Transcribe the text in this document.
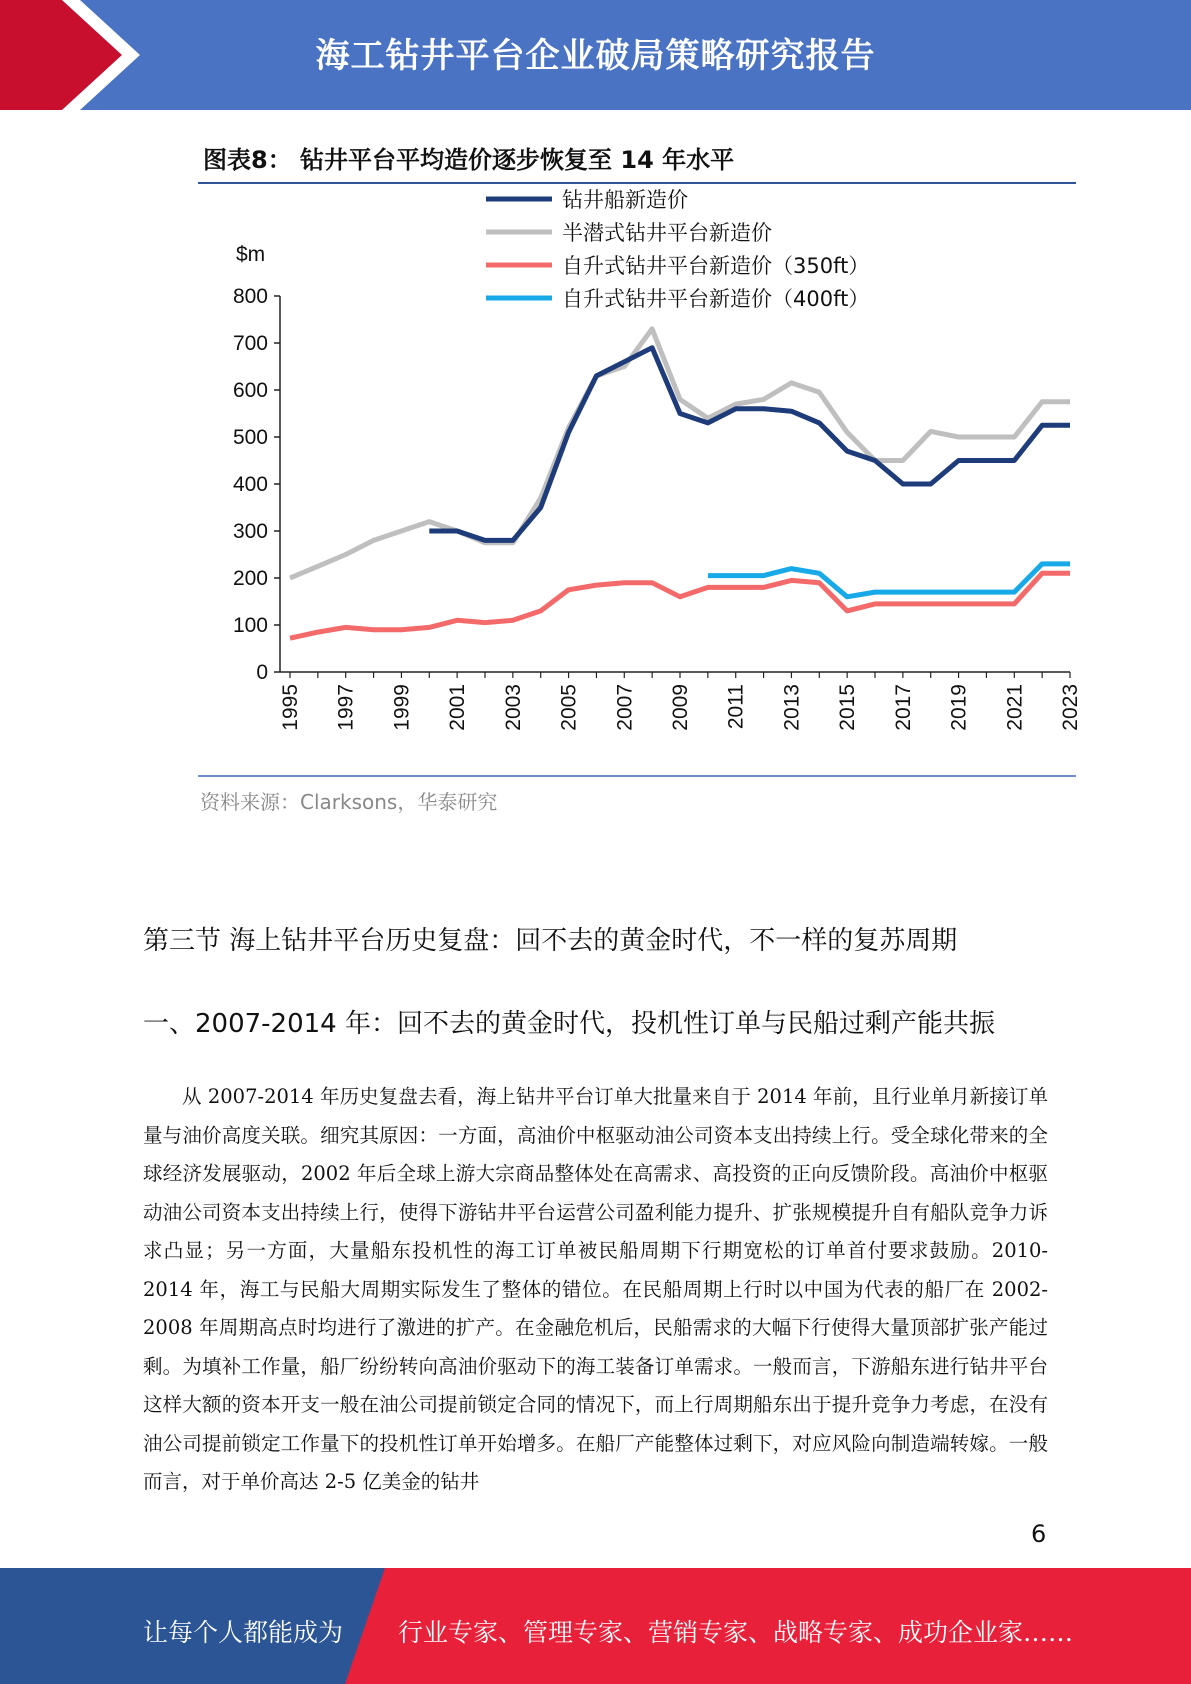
海工钻井平台企业破局策略研究报告
图表8： 钻井平台平均造价逐步恢复至 14 年水平
钻井船新造价
半潜式钻井平台新造价
自升式钻井平台新造价（350ft）
自升式钻井平台新造价（400ft）
$m
0
100
200
300
400
500
600
700
800
1995 1997 1999 2001 2003 2005 2007 2009 2011 2013 2015 2017 2019 2021 2023
资料来源：Clarksons，华泰研究
第三节 海上钻井平台历史复盘：回不去的黄金时代，不一样的复苏周期
一、2007-2014 年：回不去的黄金时代，投机性订单与民船过剩产能共振
从 2007-2014 年历史复盘去看，海上钻井平台订单大批量来自于 2014 年前，且行业单月新接订单量与油价高度关联。细究其原因：一方面，高油价中枢驱动油公司资本支出持续上行。受全球化带来的全球经济发展驱动，2002 年后全球上游大宗商品整体处在高需求、高投资的正向反馈阶段。高油价中枢驱动油公司资本支出持续上行，使得下游钻井平台运营公司盈利能力提升、扩张规模提升自有船队竞争力诉求凸显；另一方面，大量船东投机性的海工订单被民船周期下行期宽松的订单首付要求鼓励。2010-2014 年，海工与民船大周期实际发生了整体的错位。在民船周期上行时以中国为代表的船厂在 2002-2008 年周期高点时均进行了激进的扩产。在金融危机后，民船需求的大幅下行使得大量顶部扩张产能过剩。为填补工作量，船厂纷纷转向高油价驱动下的海工装备订单需求。一般而言，下游船东进行钻井平台这样大额的资本开支一般在油公司提前锁定合同的情况下，而上行周期船东出于提升竞争力考虑，在没有油公司提前锁定工作量下的投机性订单开始增多。在船厂产能整体过剩下，对应风险向制造端转嫁。一般而言，对于单价高达 2-5 亿美金的钻井
6
让每个人都能成为 行业专家、管理专家、营销专家、战略专家、成功企业家……
